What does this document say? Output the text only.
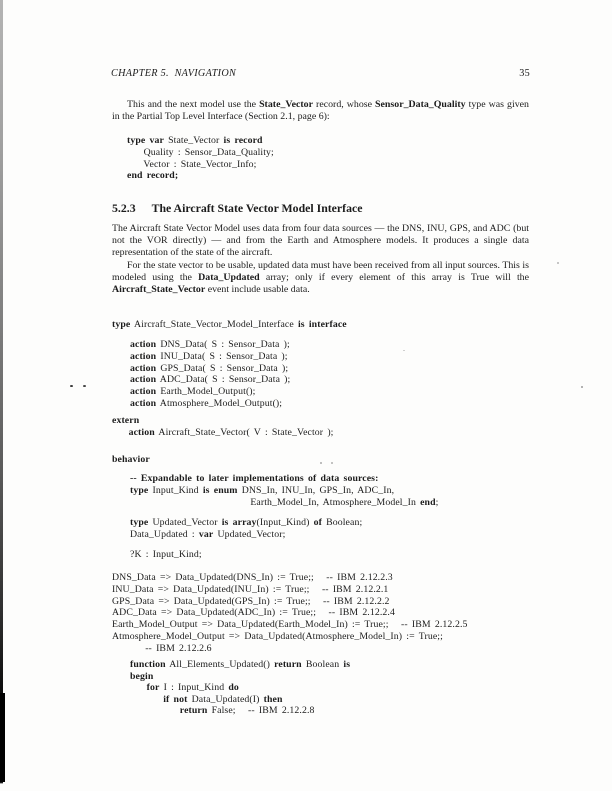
CHAPTER 5.  NAVIGATION	35

This and the next model use the State_Vector record, whose Sensor_Data_Quality type was given in the Partial Top Level Interface (Section 2.1, page 6):

type var State_Vector is record
Quality : Sensor_Data_Quality;
Vector : State_Vector_Info;
end record;
5.2.3 The Aircraft State Vector Model Interface

The Aircraft State Vector Model uses data from four data sources — the DNS, INU, GPS, and ADC (but not the VOR directly) — and from the Earth and Atmosphere models. It produces a single data representation of the state of the aircraft.

For the state vector to be usable, updated data must have been received from all input sources. This is modeled using the Data_Updated array; only if every element of this array is True will the Aircraft_State_Vector event include usable data.

type Aircraft_State_Vector_Model_Interface is interface
action DNS_Data( S : Sensor_Data );
action INU_Data( S : Sensor_Data );
action GPS_Data( S : Sensor_Data );
action ADC_Data( S : Sensor_Data );
action Earth_Model_Output();
action Atmosphere_Model_Output();
extern
action Aircraft_State_Vector( V : State_Vector );
behavior
-- Expandable to later implementations of data sources:
type Input_Kind is enum DNS_In, INU_In, GPS_In, ADC_In,
Earth_Model_In, Atmosphere_Model_In end;
type Updated_Vector is array(Input_Kind) of Boolean;
Data_Updated : var Updated_Vector;
?K : Input_Kind;
DNS_Data => Data_Updated(DNS_In) := True;;   -- IBM 2.12.2.3
INU_Data => Data_Updated(INU_In) := True;;   -- IBM 2.12.2.1
GPS_Data => Data_Updated(GPS_In) := True;;   -- IBM 2.12.2.2
ADC_Data => Data_Updated(ADC_In) := True;;   -- IBM 2.12.2.4
Earth_Model_Output => Data_Updated(Earth_Model_In) := True;;   -- IBM 2.12.2.5
Atmosphere_Model_Output => Data_Updated(Atmosphere_Model_In) := True;;
-- IBM 2.12.2.6
function All_Elements_Updated() return Boolean is
begin
for I : Input_Kind do
if not Data_Updated(I) then
return False;   -- IBM 2.12.2.8
